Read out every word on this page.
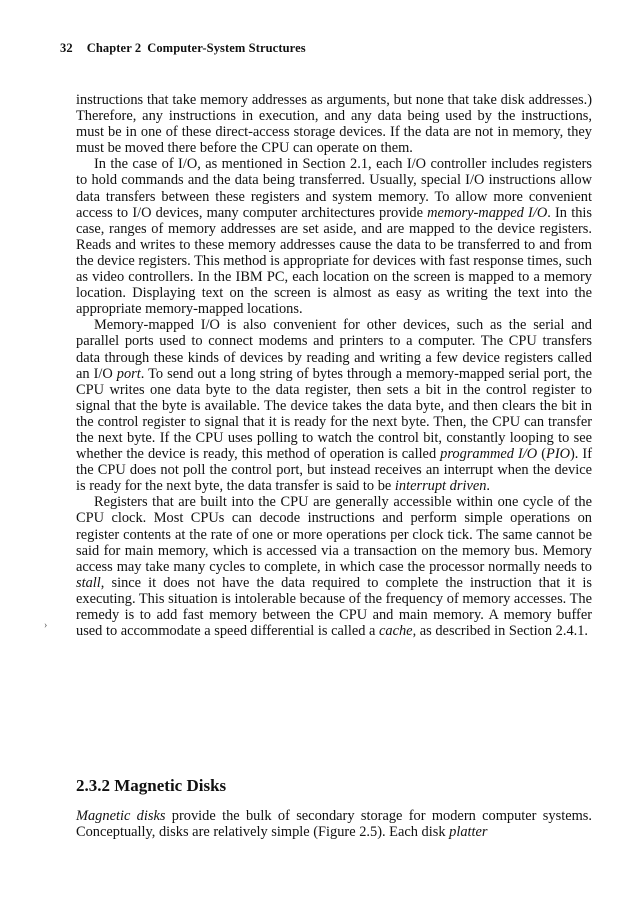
32 Chapter 2 Computer-System Structures

instructions that take memory addresses as arguments, but none that take disk addresses.) Therefore, any instructions in execution, and any data being used by the instructions, must be in one of these direct-access storage devices. If the data are not in memory, they must be moved there before the CPU can operate on them.

In the case of I/O, as mentioned in Section 2.1, each I/O controller includes registers to hold commands and the data being transferred. Usually, special I/O instructions allow data transfers between these registers and system memory. To allow more convenient access to I/O devices, many computer architectures provide memory-mapped I/O. In this case, ranges of memory addresses are set aside, and are mapped to the device registers. Reads and writes to these memory addresses cause the data to be transferred to and from the device registers. This method is appropriate for devices with fast response times, such as video controllers. In the IBM PC, each location on the screen is mapped to a memory location. Displaying text on the screen is almost as easy as writing the text into the appropriate memory-mapped locations.

Memory-mapped I/O is also convenient for other devices, such as the serial and parallel ports used to connect modems and printers to a computer. The CPU transfers data through these kinds of devices by reading and writing a few device registers called an I/O port. To send out a long string of bytes through a memory-mapped serial port, the CPU writes one data byte to the data register, then sets a bit in the control register to signal that the byte is available. The device takes the data byte, and then clears the bit in the control register to signal that it is ready for the next byte. Then, the CPU can transfer the next byte. If the CPU uses polling to watch the control bit, constantly looping to see whether the device is ready, this method of operation is called programmed I/O (PIO). If the CPU does not poll the control port, but instead receives an interrupt when the device is ready for the next byte, the data transfer is said to be interrupt driven.

Registers that are built into the CPU are generally accessible within one cycle of the CPU clock. Most CPUs can decode instructions and perform simple operations on register contents at the rate of one or more operations per clock tick. The same cannot be said for main memory, which is accessed via a transaction on the memory bus. Memory access may take many cycles to complete, in which case the processor normally needs to stall, since it does not have the data required to complete the instruction that it is executing. This situation is intolerable because of the frequency of memory accesses. The remedy is to add fast memory between the CPU and main memory. A memory buffer used to accommodate a speed differential is called a cache, as described in Section 2.4.1.

›
2.3.2 Magnetic Disks

Magnetic disks provide the bulk of secondary storage for modern computer systems. Conceptually, disks are relatively simple (Figure 2.5). Each disk platter
